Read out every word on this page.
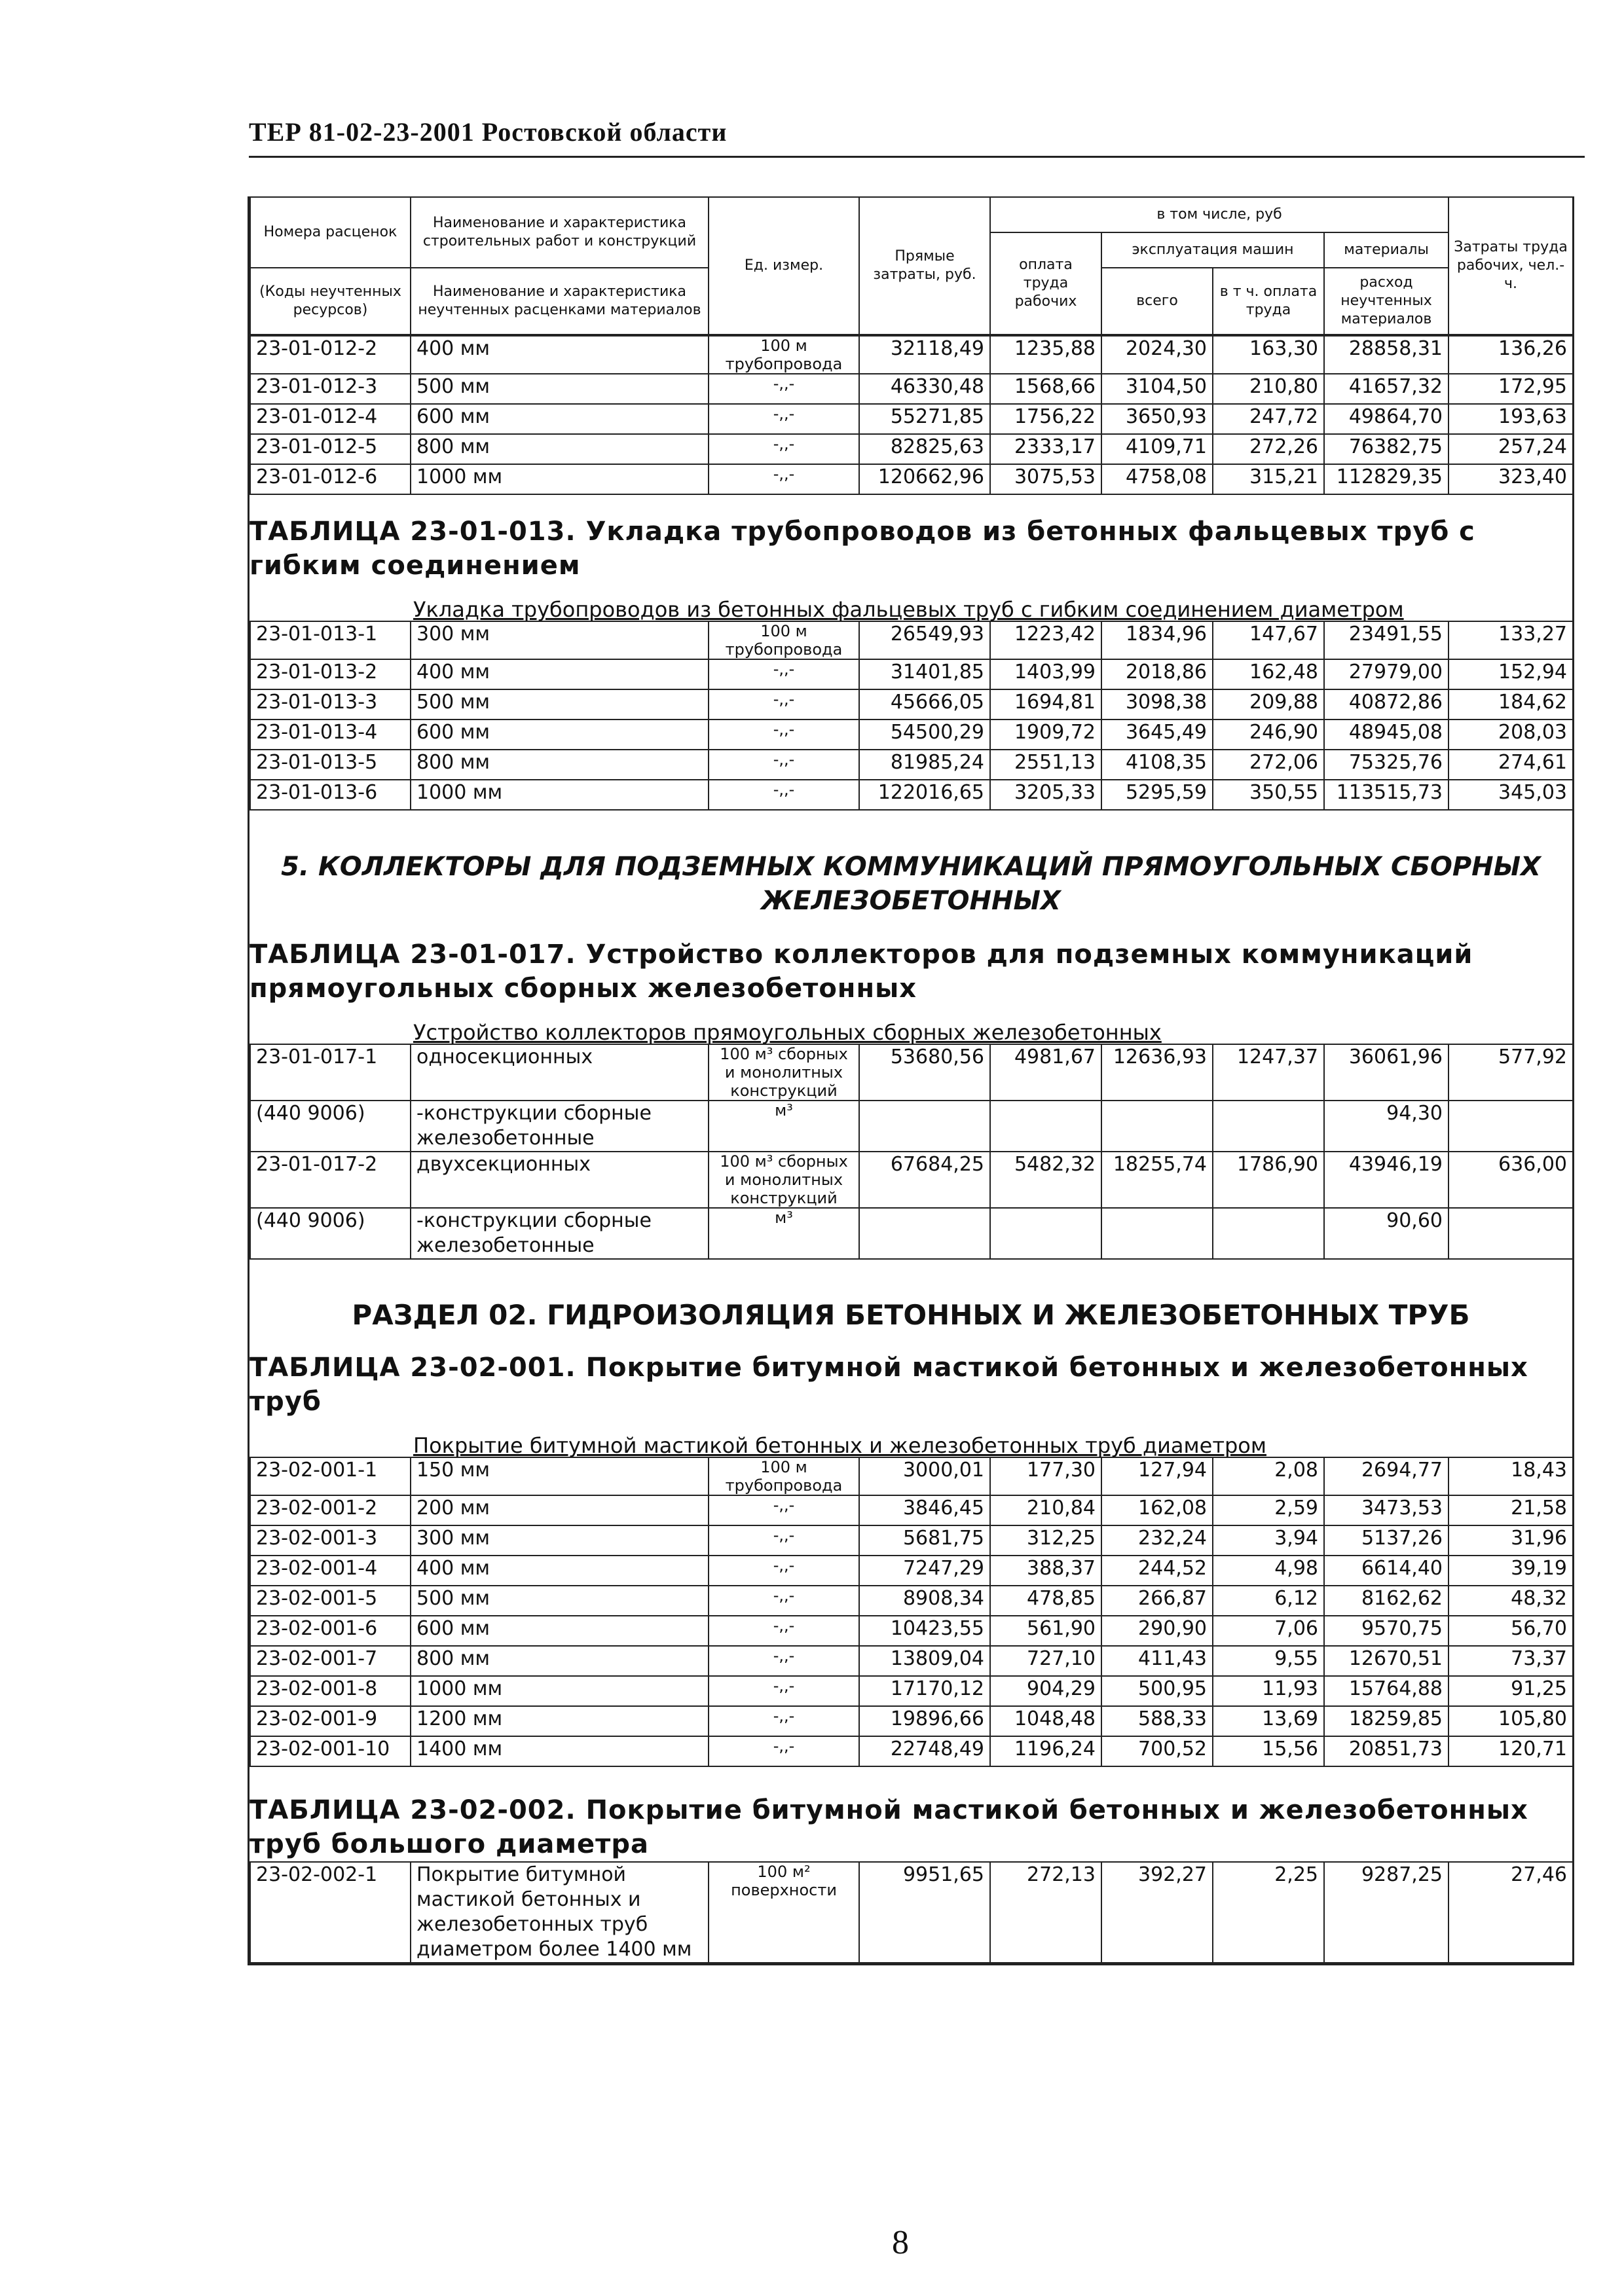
ТЕР 81-02-23-2001 Ростовской области
Номера расценок	Наименование и характеристика строительных работ и конструкций	Ед. измер.	Прямые затраты, руб.	в том числе, руб				Затраты труда рабочих, чел.-ч.
				оплата труда рабочих	эксплуатация машин		материалы	
(Коды неучтенных ресурсов)	Наименование и характеристика неучтенных расценками материалов				всего	в т ч. оплата труда	расход неучтенных материалов	

23-01-012-2	400 мм	100 м трубопровода	32118,49	1235,88	2024,30	163,30	28858,31	136,26
23-01-012-3	500 мм	-,,-	46330,48	1568,66	3104,50	210,80	41657,32	172,95
23-01-012-4	600 мм	-,,-	55271,85	1756,22	3650,93	247,72	49864,70	193,63
23-01-012-5	800 мм	-,,-	82825,63	2333,17	4109,71	272,26	76382,75	257,24
23-01-012-6	1000 мм	-,,-	120662,96	3075,53	4758,08	315,21	112829,35	323,40
ТАБЛИЦА 23-01-013. Укладка трубопроводов из бетонных фальцевых труб с гибким соединением
Укладка трубопроводов из бетонных фальцевых труб с гибким соединением диаметром
23-01-013-1	300 мм	100 м трубопровода	26549,93	1223,42	1834,96	147,67	23491,55	133,27
23-01-013-2	400 мм	-,,-	31401,85	1403,99	2018,86	162,48	27979,00	152,94
23-01-013-3	500 мм	-,,-	45666,05	1694,81	3098,38	209,88	40872,86	184,62
23-01-013-4	600 мм	-,,-	54500,29	1909,72	3645,49	246,90	48945,08	208,03
23-01-013-5	800 мм	-,,-	81985,24	2551,13	4108,35	272,06	75325,76	274,61
23-01-013-6	1000 мм	-,,-	122016,65	3205,33	5295,59	350,55	113515,73	345,03
5. КОЛЛЕКТОРЫ ДЛЯ ПОДЗЕМНЫХ КОММУНИКАЦИЙ ПРЯМОУГОЛЬНЫХ СБОРНЫХ ЖЕЛЕЗОБЕТОННЫХ
ТАБЛИЦА 23-01-017. Устройство коллекторов для подземных коммуникаций прямоугольных сборных железобетонных
Устройство коллекторов прямоугольных сборных железобетонных
23-01-017-1	односекционных	100 м³ сборных и монолитных конструкций	53680,56	4981,67	12636,93	1247,37	36061,96	577,92
(440 9006)	-конструкции сборные железобетонные	м³					94,30	
23-01-017-2	двухсекционных	100 м³ сборных и монолитных конструкций	67684,25	5482,32	18255,74	1786,90	43946,19	636,00
(440 9006)	-конструкции сборные железобетонные	м³					90,60	
РАЗДЕЛ 02. ГИДРОИЗОЛЯЦИЯ БЕТОННЫХ И ЖЕЛЕЗОБЕТОННЫХ ТРУБ
ТАБЛИЦА 23-02-001. Покрытие битумной мастикой бетонных и железобетонных труб
Покрытие битумной мастикой бетонных и железобетонных труб диаметром
23-02-001-1	150 мм	100 м трубопровода	3000,01	177,30	127,94	2,08	2694,77	18,43
23-02-001-2	200 мм	-,,-	3846,45	210,84	162,08	2,59	3473,53	21,58
23-02-001-3	300 мм	-,,-	5681,75	312,25	232,24	3,94	5137,26	31,96
23-02-001-4	400 мм	-,,-	7247,29	388,37	244,52	4,98	6614,40	39,19
23-02-001-5	500 мм	-,,-	8908,34	478,85	266,87	6,12	8162,62	48,32
23-02-001-6	600 мм	-,,-	10423,55	561,90	290,90	7,06	9570,75	56,70
23-02-001-7	800 мм	-,,-	13809,04	727,10	411,43	9,55	12670,51	73,37
23-02-001-8	1000 мм	-,,-	17170,12	904,29	500,95	11,93	15764,88	91,25
23-02-001-9	1200 мм	-,,-	19896,66	1048,48	588,33	13,69	18259,85	105,80
23-02-001-10	1400 мм	-,,-	22748,49	1196,24	700,52	15,56	20851,73	120,71
ТАБЛИЦА 23-02-002. Покрытие битумной мастикой бетонных и железобетонных труб большого диаметра
23-02-002-1	Покрытие битумной мастикой бетонных и железобетонных труб диаметром более 1400 мм	100 м² поверхности	9951,65	272,13	392,27	2,25	9287,25	27,46
8
